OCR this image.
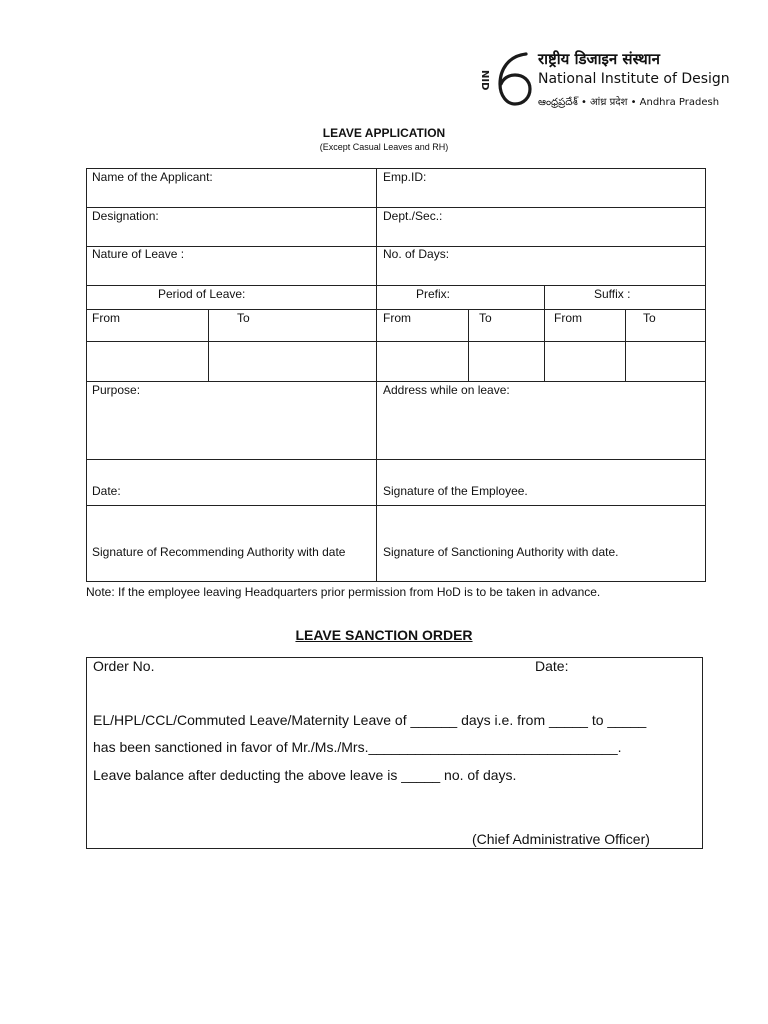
NID
राष्ट्रीय डिजाइन संस्थान
National Institute of Design
ఆంధ్రప్రదేశ్ • आंध्र प्रदेश • Andhra Pradesh
LEAVE APPLICATION
(Except Casual Leaves and RH)
Name of the Applicant:	Emp.ID:
Designation:	Dept./Sec.:
Nature of Leave :	No. of Days:
Period of Leave:	Prefix:	Suffix :
From	To	From	To	From	To
Purpose:	Address while on leave:
Date:	Signature of the Employee.
Signature of Recommending Authority with date	Signature of Sanctioning Authority with date.
Note: If the employee leaving Headquarters prior permission from HoD is to be taken in advance.
LEAVE SANCTION ORDER
Order No.	Date:
EL/HPL/CCL/Commuted Leave/Maternity Leave of ______ days i.e. from _____ to _____
has been sanctioned in favor of Mr./Ms./Mrs.________________________________.
Leave balance after deducting the above leave is _____ no. of days.
(Chief Administrative Officer)
